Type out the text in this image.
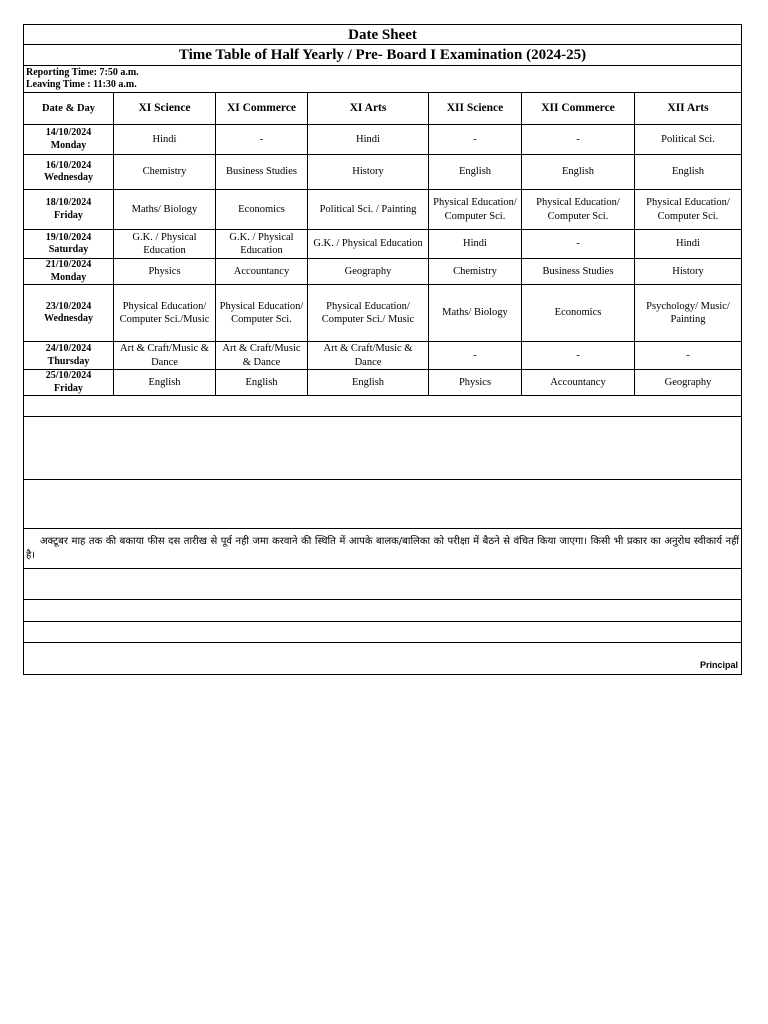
Date Sheet						
Time Table of Half Yearly / Pre- Board I Examination (2024-25)						

Reporting Time: 7:50 a.m.
Leaving Time : 11:30 a.m.						

Date & Day	XI Science	XI Commerce	XI Arts	XII Science	XII Commerce	XII Arts

14/10/2024
Monday	Hindi	-	Hindi	-	-	Political Sci.

16/10/2024
Wednesday	Chemistry	Business Studies	History	English	English	English

18/10/2024
Friday	Maths/ Biology	Economics	Political Sci. / Painting	Physical Education/ Computer Sci.	Physical Education/ Computer Sci.	Physical Education/ Computer Sci.

19/10/2024
Saturday	G.K. / Physical Education	G.K. / Physical Education	G.K. / Physical Education	Hindi	-	Hindi

21/10/2024
Monday	Physics	Accountancy	Geography	Chemistry	Business Studies	History

23/10/2024
Wednesday	Physical Education/ Computer Sci./Music	Physical Education/ Computer Sci.	Physical Education/ Computer Sci./ Music	Maths/ Biology	Economics	Psychology/ Music/ Painting

24/10/2024
Thursday	Art & Craft/Music & Dance	Art & Craft/Music & Dance	Art & Craft/Music & Dance	-	-	-

25/10/2024
Friday	English	English	English	Physics	Accountancy	Geography

अक्टूबर माह तक की बकाया फीस दस तारीख से पूर्व नही जमा करवाने की स्थिति में आपके बालक/बालिका को परीक्षा में बैठने से वंचित किया जाएगा। किसी भी प्रकार का अनुरोध स्वीकार्य नहीं है।						

Principal						
